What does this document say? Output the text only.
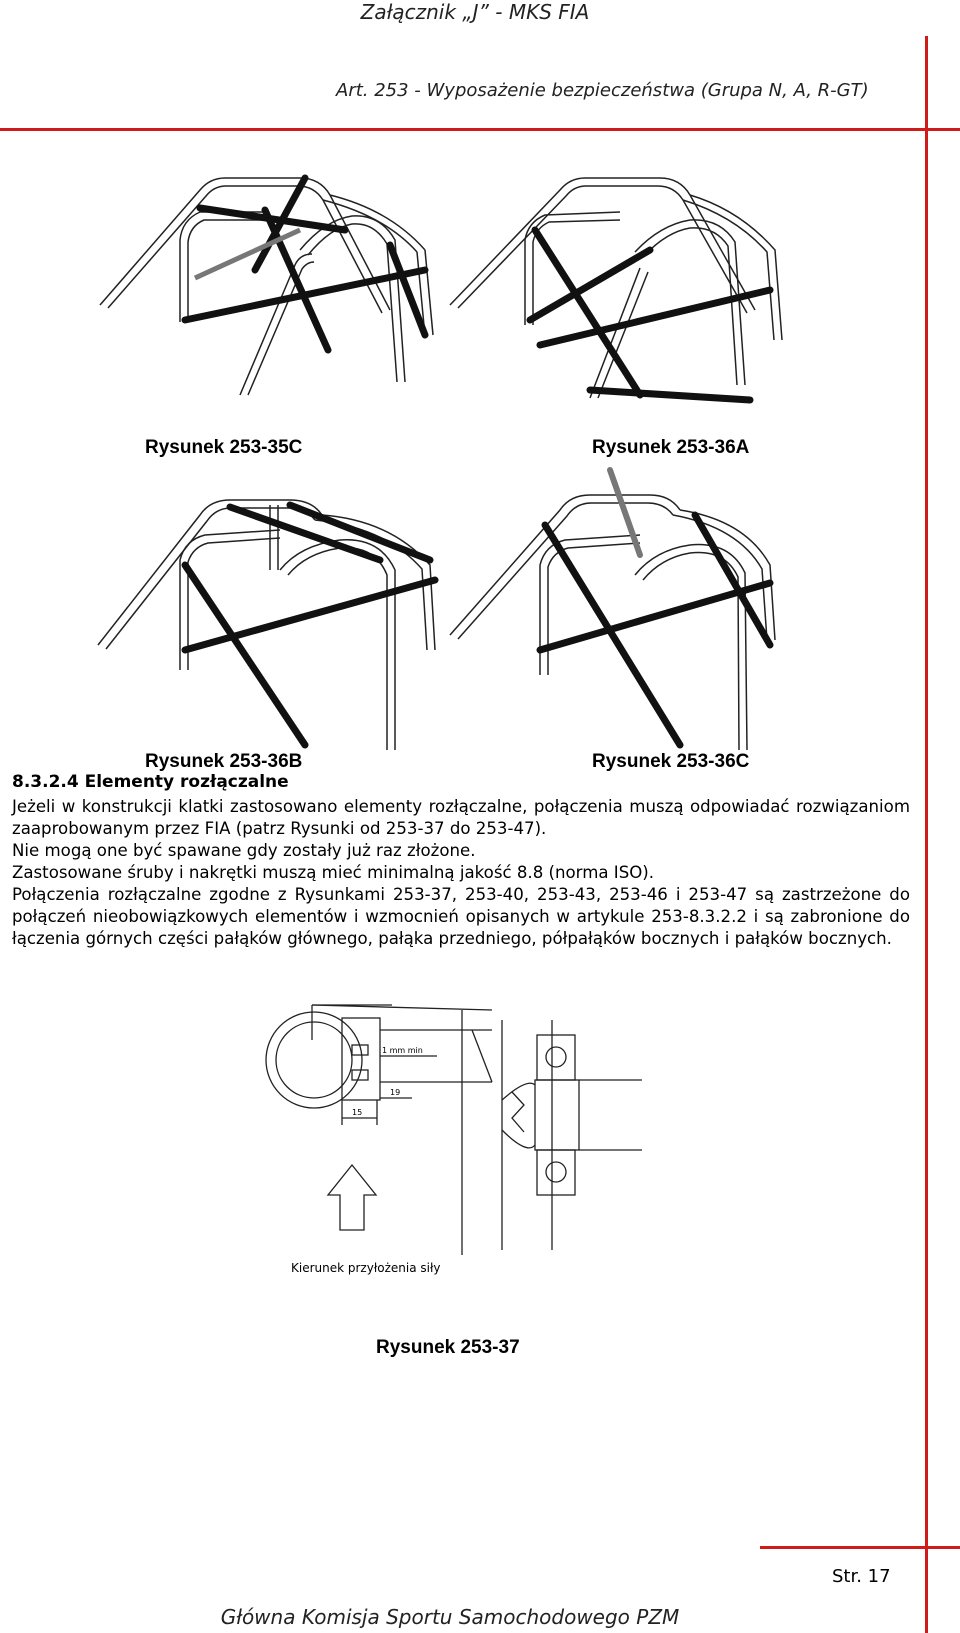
Załącznik „J” - MKS FIA
Art. 253 - Wyposażenie bezpieczeństwa (Grupa N, A, R-GT)
Rysunek 253-35C	Rysunek 253-36A
Rysunek 253-36B	Rysunek 253-36C
8.3.2.4 Elementy rozłączalne
Jeżeli w konstrukcji klatki zastosowano elementy rozłączalne, połączenia muszą odpowiadać rozwiązaniom zaaprobowanym przez FIA (patrz Rysunki od 253-37 do 253-47).
Nie mogą one być spawane gdy zostały już raz złożone.
Zastosowane śruby i nakrętki muszą mieć minimalną jakość 8.8 (norma ISO).
Połączenia rozłączalne zgodne z Rysunkami 253-37, 253-40, 253-43, 253-46 i 253-47 są zastrzeżone do połączeń nieobowiązkowych elementów i wzmocnień opisanych w artykule 253-8.3.2.2 i są zabronione do łączenia górnych części pałąków głównego, pałąka przedniego, półpałąków bocznych i pałąków bocznych.
1 mm min
19
15
Kierunek przyłożenia siły
Rysunek 253-37
Str. 17
Główna Komisja Sportu Samochodowego PZM
